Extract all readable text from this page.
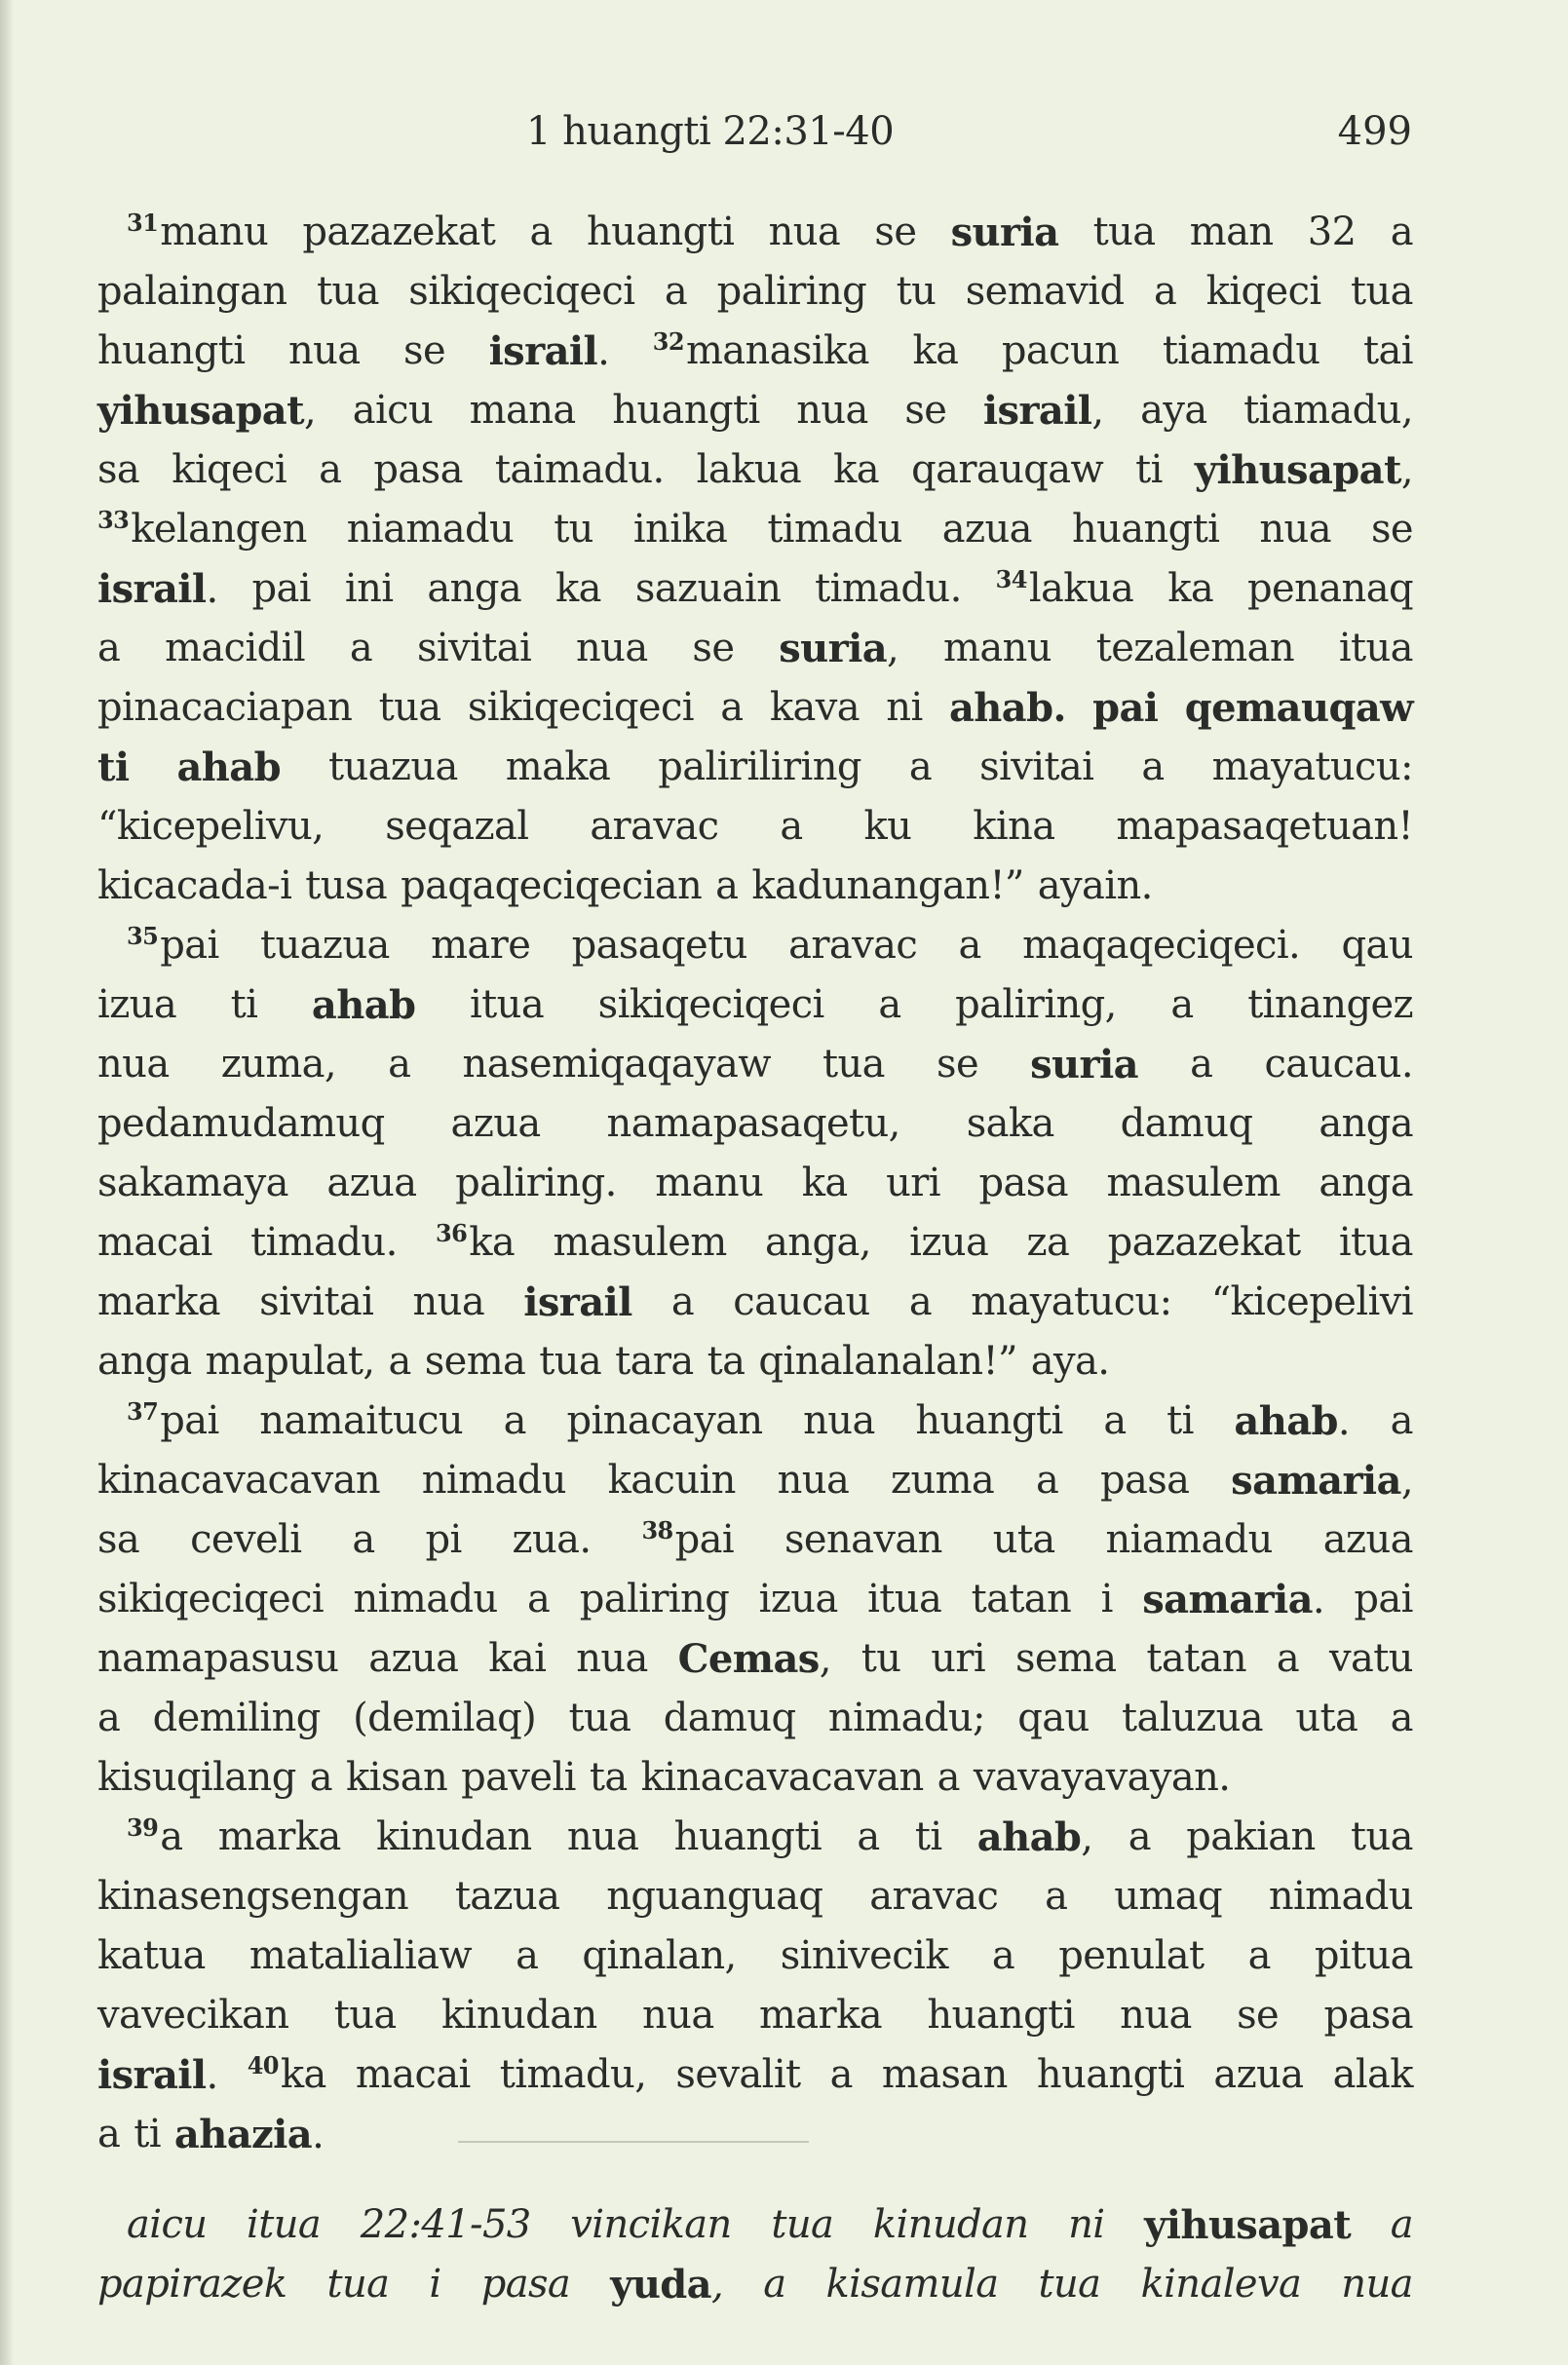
1 huangti 22:31-40	499
$^{31}$manu pazazekat a huangti nua se suria tua man 32 a
palaingan tua sikiqeciqeci a paliring tu semavid a kiqeci tua
huangti nua se israil. $^{32}$manasika ka pacun tiamadu tai
yihusapat, aicu mana huangti nua se israil, aya tiamadu,
sa kiqeci a pasa taimadu. lakua ka qarauqaw ti yihusapat,
$^{33}$kelangen niamadu tu inika timadu azua huangti nua se
israil. pai ini anga ka sazuain timadu. $^{34}$lakua ka penanaq
a macidil a sivitai nua se suria, manu tezaleman itua
pinacaciapan tua sikiqeciqeci a kava ni ahab. pai qemauqaw
ti ahab tuazua maka paliriliring a sivitai a mayatucu:
“kicepelivu, seqazal aravac a ku kina mapasaqetuan!
kicacada-i tusa paqaqeciqecian a kadunangan!” ayain.
$^{35}$pai tuazua mare pasaqetu aravac a maqaqeciqeci. qau
izua ti ahab itua sikiqeciqeci a paliring, a tinangez
nua zuma, a nasemiqaqayaw tua se suria a caucau.
pedamudamuq azua namapasaqetu, saka damuq anga
sakamaya azua paliring. manu ka uri pasa masulem anga
macai timadu. $^{36}$ka masulem anga, izua za pazazekat itua
marka sivitai nua israil a caucau a mayatucu: “kicepelivi
anga mapulat, a sema tua tara ta qinalanalan!” aya.
$^{37}$pai namaitucu a pinacayan nua huangti a ti ahab. a
kinacavacavan nimadu kacuin nua zuma a pasa samaria,
sa ceveli a pi zua. $^{38}$pai senavan uta niamadu azua
sikiqeciqeci nimadu a paliring izua itua tatan i samaria. pai
namapasusu azua kai nua Cemas, tu uri sema tatan a vatu
a demiling (demilaq) tua damuq nimadu; qau taluzua uta a
kisuqilang a kisan paveli ta kinacavacavan a vavayavayan.
$^{39}$a marka kinudan nua huangti a ti ahab, a pakian tua
kinasengsengan tazua nguanguaq aravac a umaq nimadu
katua matalialiaw a qinalan, sinivecik a penulat a pitua
vavecikan tua kinudan nua marka huangti nua se pasa
israil. $^{40}$ka macai timadu, sevalit a masan huangti azua alak
a ti ahazia.
aicu itua 22:41-53 vincikan tua kinudan ni yihusapat a
papirazek tua i pasa yuda, a kisamula tua kinaleva nua
